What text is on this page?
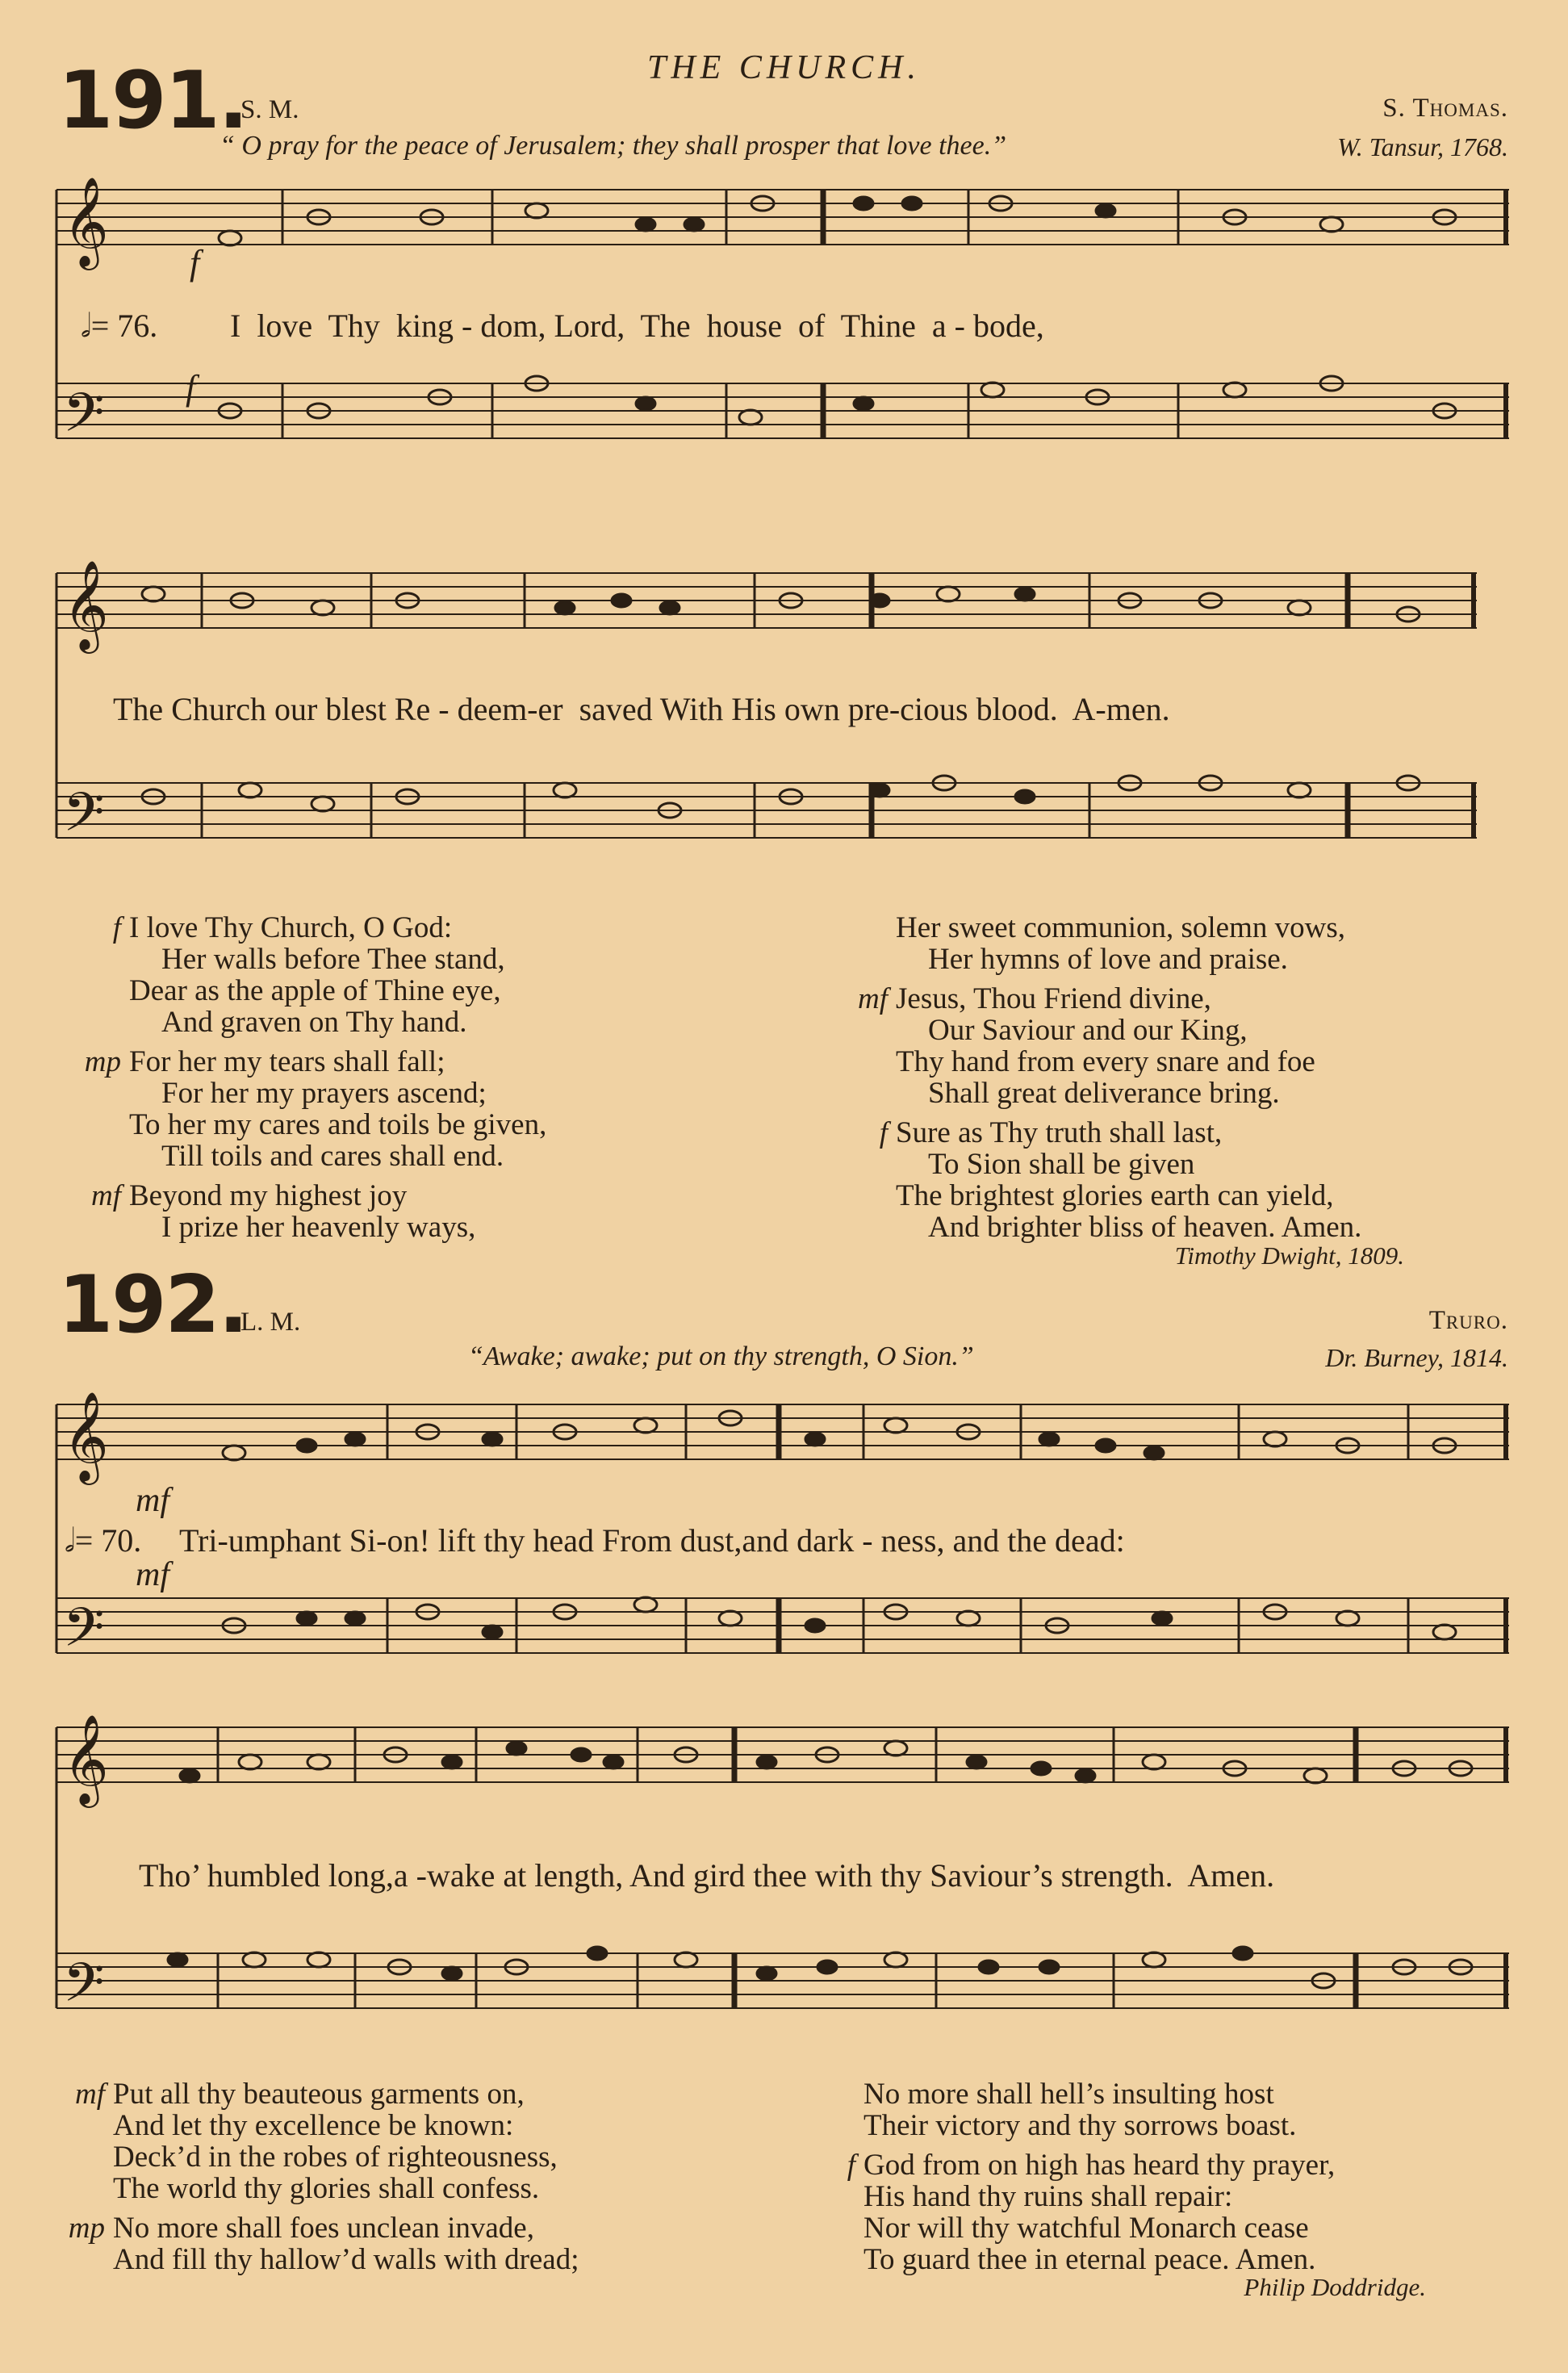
THE CHURCH.
191.
S. M.	S. Thomas.
“ O pray for the peace of Jerusalem; they shall prosper that love thee.”	W. Tansur, 1768.
𝄞
𝄢
f
f
𝅗𝅥= 76. I  love  Thy  king - dom, Lord,  The  house  of  Thine  a - bode,
𝄞
𝄢
The Church our blest Re - deem-er  saved With His own pre-cious blood.  A-men.
f I love Thy Church, O God:
Her walls before Thee stand,
Dear as the apple of Thine eye,
And graven on Thy hand.
mp For her my tears shall fall;
For her my prayers ascend;
To her my cares and toils be given,
Till toils and cares shall end.
mf Beyond my highest joy
I prize her heavenly ways,
Her sweet communion, solemn vows,
Her hymns of love and praise.
mf Jesus, Thou Friend divine,
Our Saviour and our King,
Thy hand from every snare and foe
Shall great deliverance bring.
f Sure as Thy truth shall last,
To Sion shall be given
The brightest glories earth can yield,
And brighter bliss of heaven. Amen.
Timothy Dwight, 1809.
192.
L. M.	Truro.
“Awake; awake; put on thy strength, O Sion.”	Dr. Burney, 1814.
𝄞
𝄢
mf
mf
𝅗𝅥= 70. Tri-umphant Si-on! lift thy head From dust,and dark - ness, and the dead:
𝄞
𝄢
Tho’ humbled long,a -wake at length, And gird thee with thy Saviour’s strength.  Amen.
mf Put all thy beauteous garments on,
And let thy excellence be known:
Deck’d in the robes of righteousness,
The world thy glories shall confess.
mp No more shall foes unclean invade,
And fill thy hallow’d walls with dread;
No more shall hell’s insulting host
Their victory and thy sorrows boast.
f God from on high has heard thy prayer,
His hand thy ruins shall repair:
Nor will thy watchful Monarch cease
To guard thee in eternal peace. Amen.
Philip Doddridge.
